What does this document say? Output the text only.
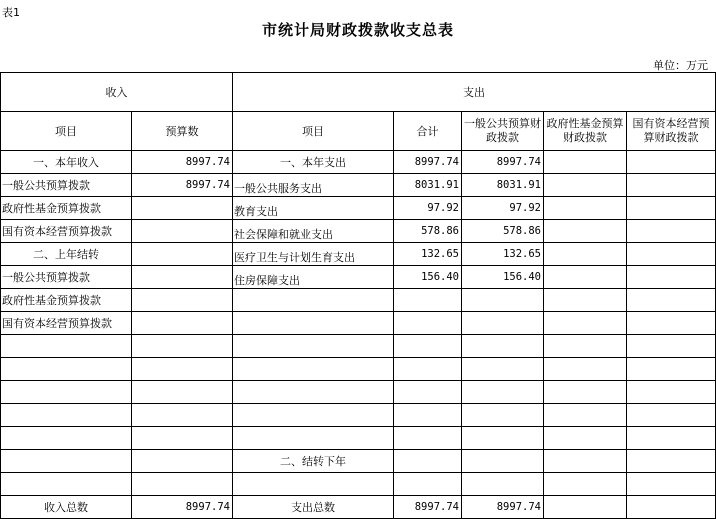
表1
市统计局财政拨款收支总表
单位：万元
收入		支出				
项目	预算数	项目	合计	一般公共预算财政拨款	政府性基金预算财政拨款	国有资本经营预算财政拨款
一、本年收入	8997.74	一、本年支出	8997.74	8997.74		
一般公共预算拨款	8997.74	一般公共服务支出	8031.91	8031.91		
政府性基金预算拨款		教育支出	97.92	97.92		
国有资本经营预算拨款		社会保障和就业支出	578.86	578.86		
二、上年结转		医疗卫生与计划生育支出	132.65	132.65		
一般公共预算拨款		住房保障支出	156.40	156.40		
政府性基金预算拨款						
国有资本经营预算拨款						

		二、结转下年				

收入总数	8997.74	支出总数	8997.74	8997.74		
